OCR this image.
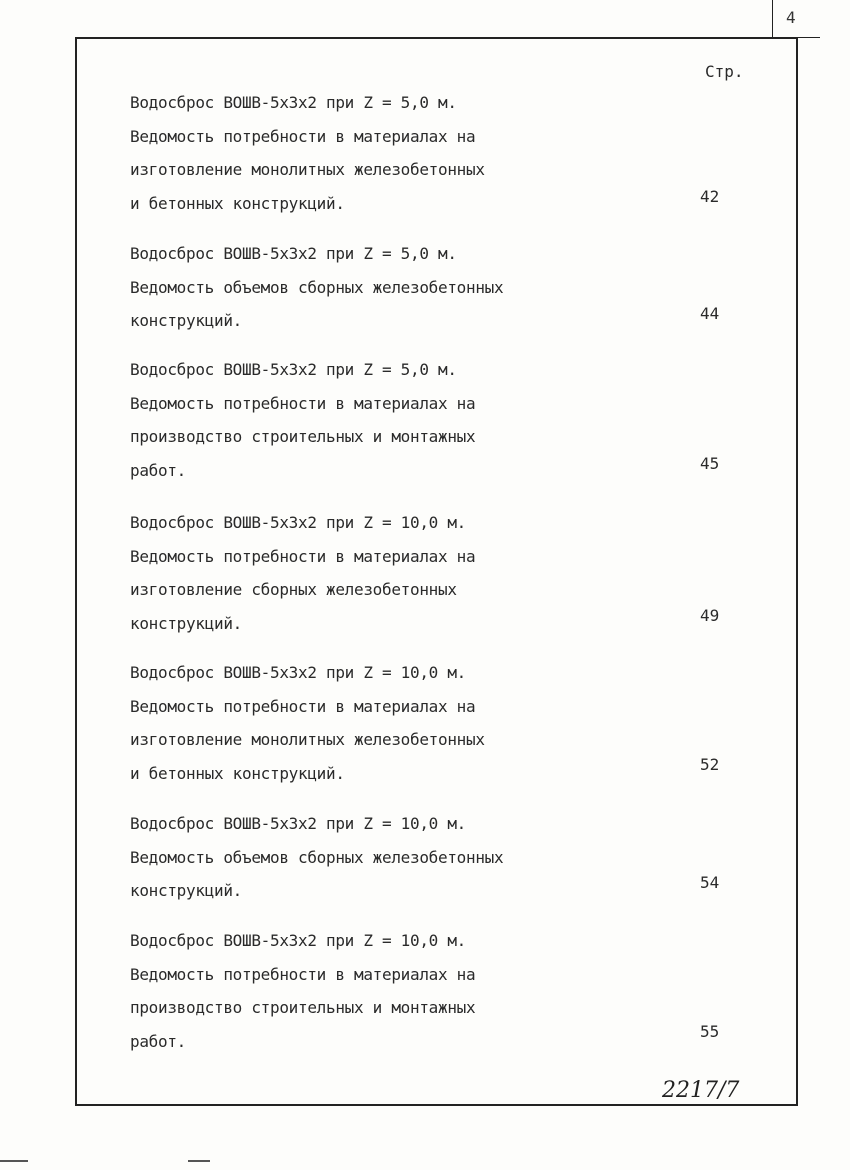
4
Стр.
Водосброс ВОШВ-5х3х2 при Z = 5,0 м.
Ведомость потребности в материалах на
изготовление монолитных железобетонных
и бетонных конструкций.	42
Водосброс ВОШВ-5х3х2 при Z = 5,0 м.
Ведомость объемов сборных железобетонных
конструкций.	44
Водосброс ВОШВ-5х3х2 при Z = 5,0 м.
Ведомость потребности в материалах на
производство строительных и монтажных
работ.	45
Водосброс ВОШВ-5х3х2 при Z = 10,0 м.
Ведомость потребности в материалах на
изготовление сборных железобетонных
конструкций.	49
Водосброс ВОШВ-5х3х2 при Z = 10,0 м.
Ведомость потребности в материалах на
изготовление монолитных железобетонных
и бетонных конструкций.	52
Водосброс ВОШВ-5х3х2 при Z = 10,0 м.
Ведомость объемов сборных железобетонных
конструкций.	54
Водосброс ВОШВ-5х3х2 при Z = 10,0 м.
Ведомость потребности в материалах на
производство строительных и монтажных
работ.	55
2217/7
